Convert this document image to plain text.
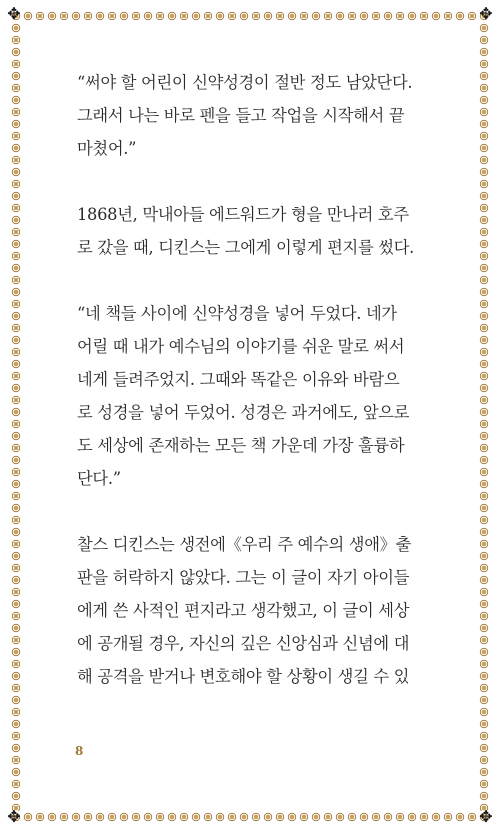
✥	✥
✥	✥

“써야 할 어린이 신약성경이 절반 정도 남았단다.
그래서 나는 바로 펜을 들고 작업을 시작해서 끝
마쳤어.”

1868년, 막내아들 에드워드가 형을 만나러 호주
로 갔을 때, 디킨스는 그에게 이렇게 편지를 썼다.

“네 책들 사이에 신약성경을 넣어 두었다. 네가
어릴 때 내가 예수님의 이야기를 쉬운 말로 써서
네게 들려주었지. 그때와 똑같은 이유와 바람으
로 성경을 넣어 두었어. 성경은 과거에도, 앞으로
도 세상에 존재하는 모든 책 가운데 가장 훌륭하
단다.”

찰스 디킨스는 생전에《우리 주 예수의 생애》출
판을 허락하지 않았다. 그는 이 글이 자기 아이들
에게 쓴 사적인 편지라고 생각했고, 이 글이 세상
에 공개될 경우, 자신의 깊은 신앙심과 신념에 대
해 공격을 받거나 변호해야 할 상황이 생길 수 있

8
